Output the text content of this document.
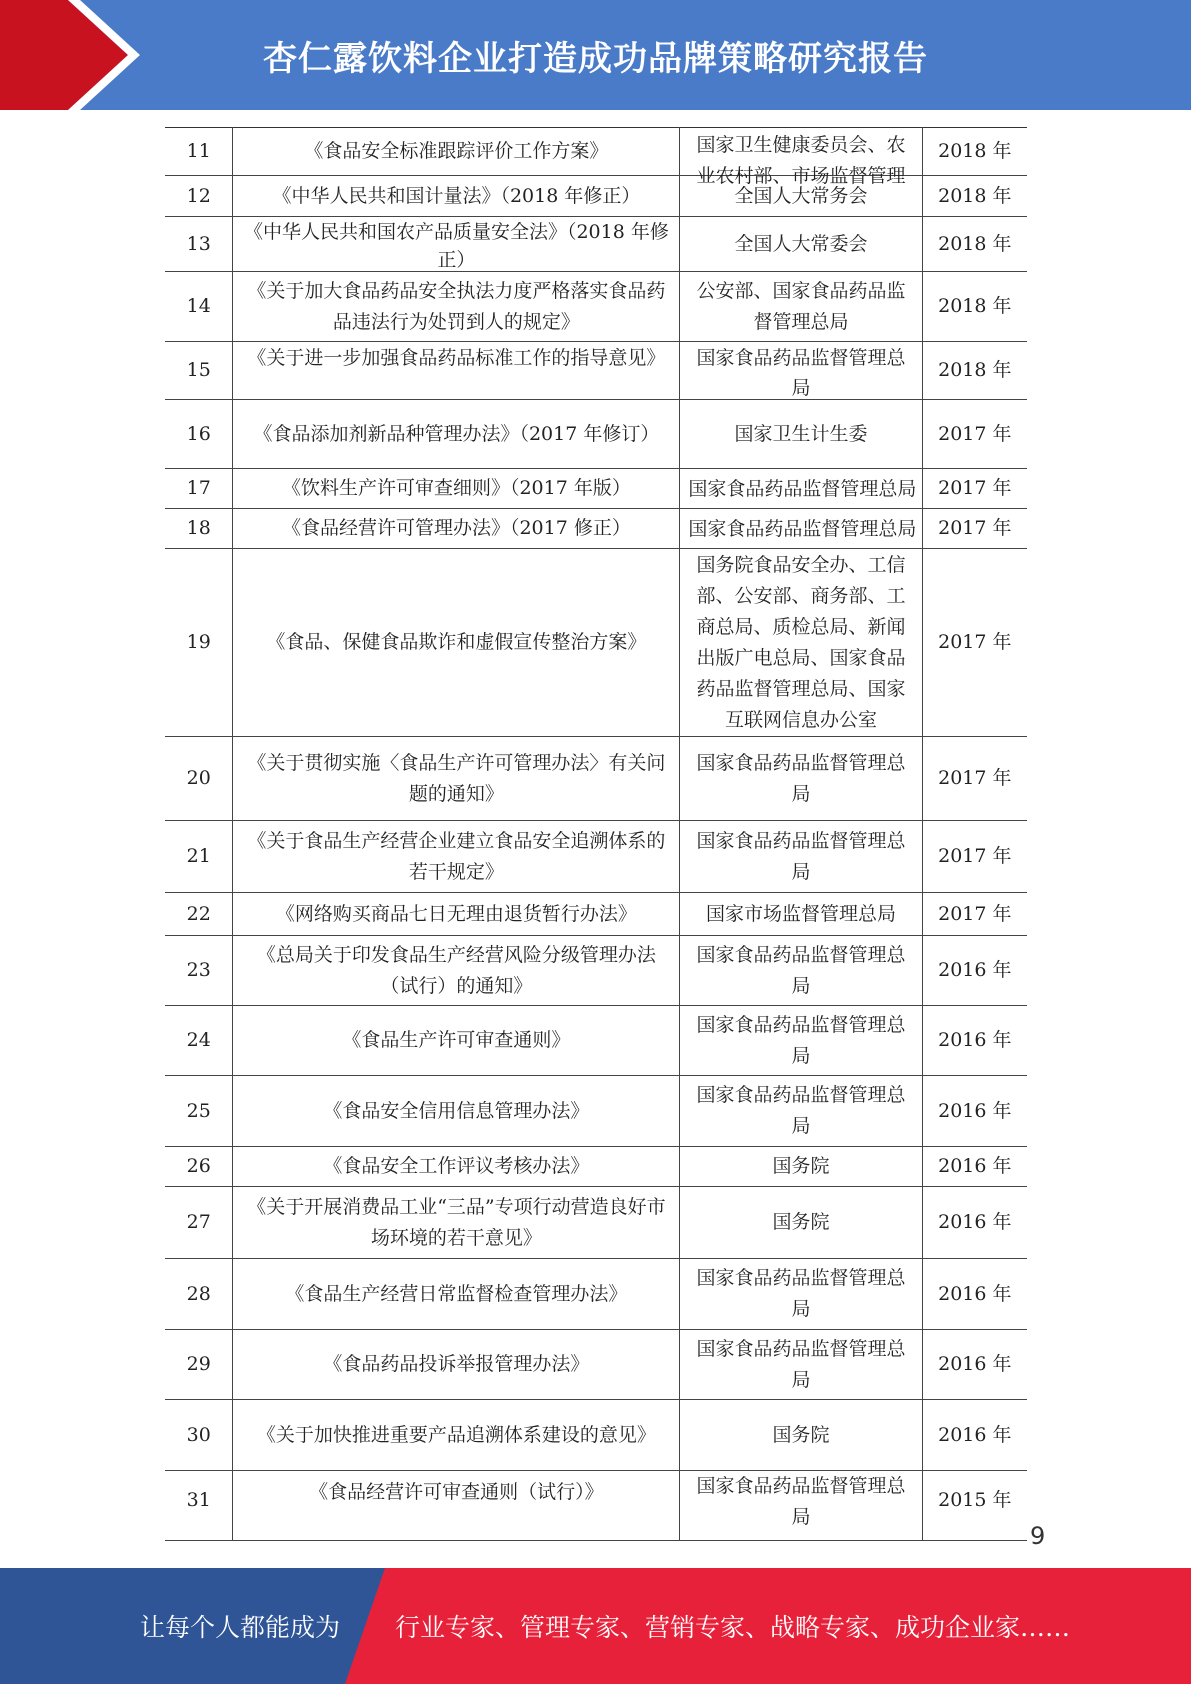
杏仁露饮料企业打造成功品牌策略研究报告
11	《食品安全标准跟踪评价工作方案》	国家卫生健康委员会、农业农村部、市场监督管理	2018 年
12	《中华人民共和国计量法》（2018 年修正）	全国人大常务会	2018 年
13	《中华人民共和国农产品质量安全法》（2018 年修正）	全国人大常委会	2018 年
14	《关于加大食品药品安全执法力度严格落实食品药品违法行为处罚到人的规定》	公安部、国家食品药品监督管理总局	2018 年
15	《关于进一步加强食品药品标准工作的指导意见》	国家食品药品监督管理总局	2018 年
16	《食品添加剂新品种管理办法》（2017 年修订）	国家卫生计生委	2017 年
17	《饮料生产许可审查细则》（2017 年版）	国家食品药品监督管理总局	2017 年
18	《食品经营许可管理办法》（2017 修正）	国家食品药品监督管理总局	2017 年
19	《食品、保健食品欺诈和虚假宣传整治方案》	国务院食品安全办、工信部、公安部、商务部、工商总局、质检总局、新闻出版广电总局、国家食品药品监督管理总局、国家互联网信息办公室	2017 年
20	《关于贯彻实施〈食品生产许可管理办法〉有关问题的通知》	国家食品药品监督管理总局	2017 年
21	《关于食品生产经营企业建立食品安全追溯体系的若干规定》	国家食品药品监督管理总局	2017 年
22	《网络购买商品七日无理由退货暂行办法》	国家市场监督管理总局	2017 年
23	《总局关于印发食品生产经营风险分级管理办法（试行）的通知》	国家食品药品监督管理总局	2016 年
24	《食品生产许可审查通则》	国家食品药品监督管理总局	2016 年
25	《食品安全信用信息管理办法》	国家食品药品监督管理总局	2016 年
26	《食品安全工作评议考核办法》	国务院	2016 年
27	《关于开展消费品工业“三品”专项行动营造良好市场环境的若干意见》	国务院	2016 年
28	《食品生产经营日常监督检查管理办法》	国家食品药品监督管理总局	2016 年
29	《食品药品投诉举报管理办法》	国家食品药品监督管理总局	2016 年
30	《关于加快推进重要产品追溯体系建设的意见》	国务院	2016 年
31	《食品经营许可审查通则（试行）》	国家食品药品监督管理总局	2015 年
9
让每个人都能成为	行业专家、管理专家、营销专家、战略专家、成功企业家……
